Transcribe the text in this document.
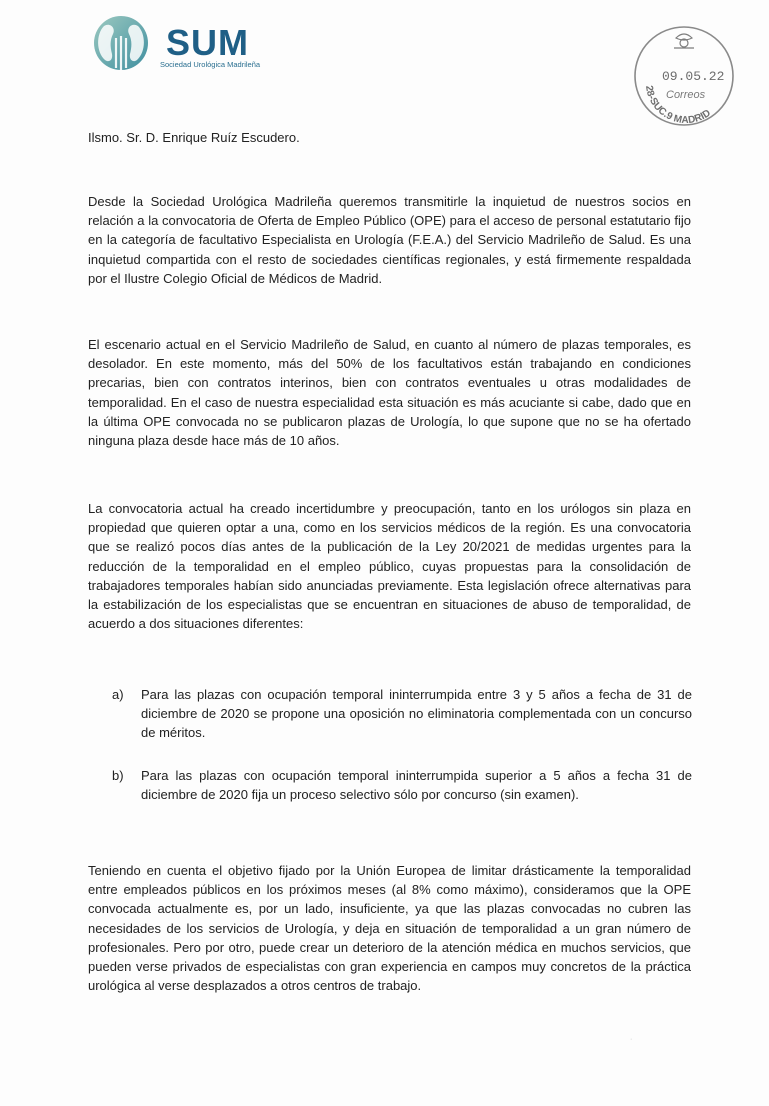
SUM
Sociedad Urológica Madrileña
09.05.22
Correos
28-SUC.9 MADRID
Ilsmo. Sr. D. Enrique Ruíz Escudero.
Desde la Sociedad Urológica Madrileña queremos transmitirle la inquietud de nuestros socios en relación a la convocatoria de Oferta de Empleo Público (OPE) para el acceso de personal estatutario fijo en la categoría de facultativo Especialista en Urología (F.E.A.) del Servicio Madrileño de Salud. Es una inquietud compartida con el resto de sociedades científicas regionales, y está firmemente respaldada por el Ilustre Colegio Oficial de Médicos de Madrid.
El escenario actual en el Servicio Madrileño de Salud, en cuanto al número de plazas temporales, es desolador. En este momento, más del 50% de los facultativos están trabajando en condiciones precarias, bien con contratos interinos, bien con contratos eventuales u otras modalidades de temporalidad. En el caso de nuestra especialidad esta situación es más acuciante si cabe, dado que en la última OPE convocada no se publicaron plazas de Urología, lo que supone que no se ha ofertado ninguna plaza desde hace más de 10 años.
La convocatoria actual ha creado incertidumbre y preocupación, tanto en los urólogos sin plaza en propiedad que quieren optar a una, como en los servicios médicos de la región. Es una convocatoria que se realizó pocos días antes de la publicación de la Ley 20/2021 de medidas urgentes para la reducción de la temporalidad en el empleo público, cuyas propuestas para la consolidación de trabajadores temporales habían sido anunciadas previamente. Esta legislación ofrece alternativas para la estabilización de los especialistas que se encuentran en situaciones de abuso de temporalidad, de acuerdo a dos situaciones diferentes:
a)	Para las plazas con ocupación temporal ininterrumpida entre 3 y 5 años a fecha de 31 de diciembre de 2020 se propone una oposición no eliminatoria complementada con un concurso de méritos.
b)	Para las plazas con ocupación temporal ininterrumpida superior a 5 años a fecha 31 de diciembre de 2020 fija un proceso selectivo sólo por concurso (sin examen).
Teniendo en cuenta el objetivo fijado por la Unión Europea de limitar drásticamente la temporalidad entre empleados públicos en los próximos meses (al 8% como máximo), consideramos que la OPE convocada actualmente es, por un lado, insuficiente, ya que las plazas convocadas no cubren las necesidades de los servicios de Urología, y deja en situación de temporalidad a un gran número de profesionales. Pero por otro, puede crear un deterioro de la atención médica en muchos servicios, que pueden verse privados de especialistas con gran experiencia en campos muy concretos de la práctica urológica al verse desplazados a otros centros de trabajo.
·
